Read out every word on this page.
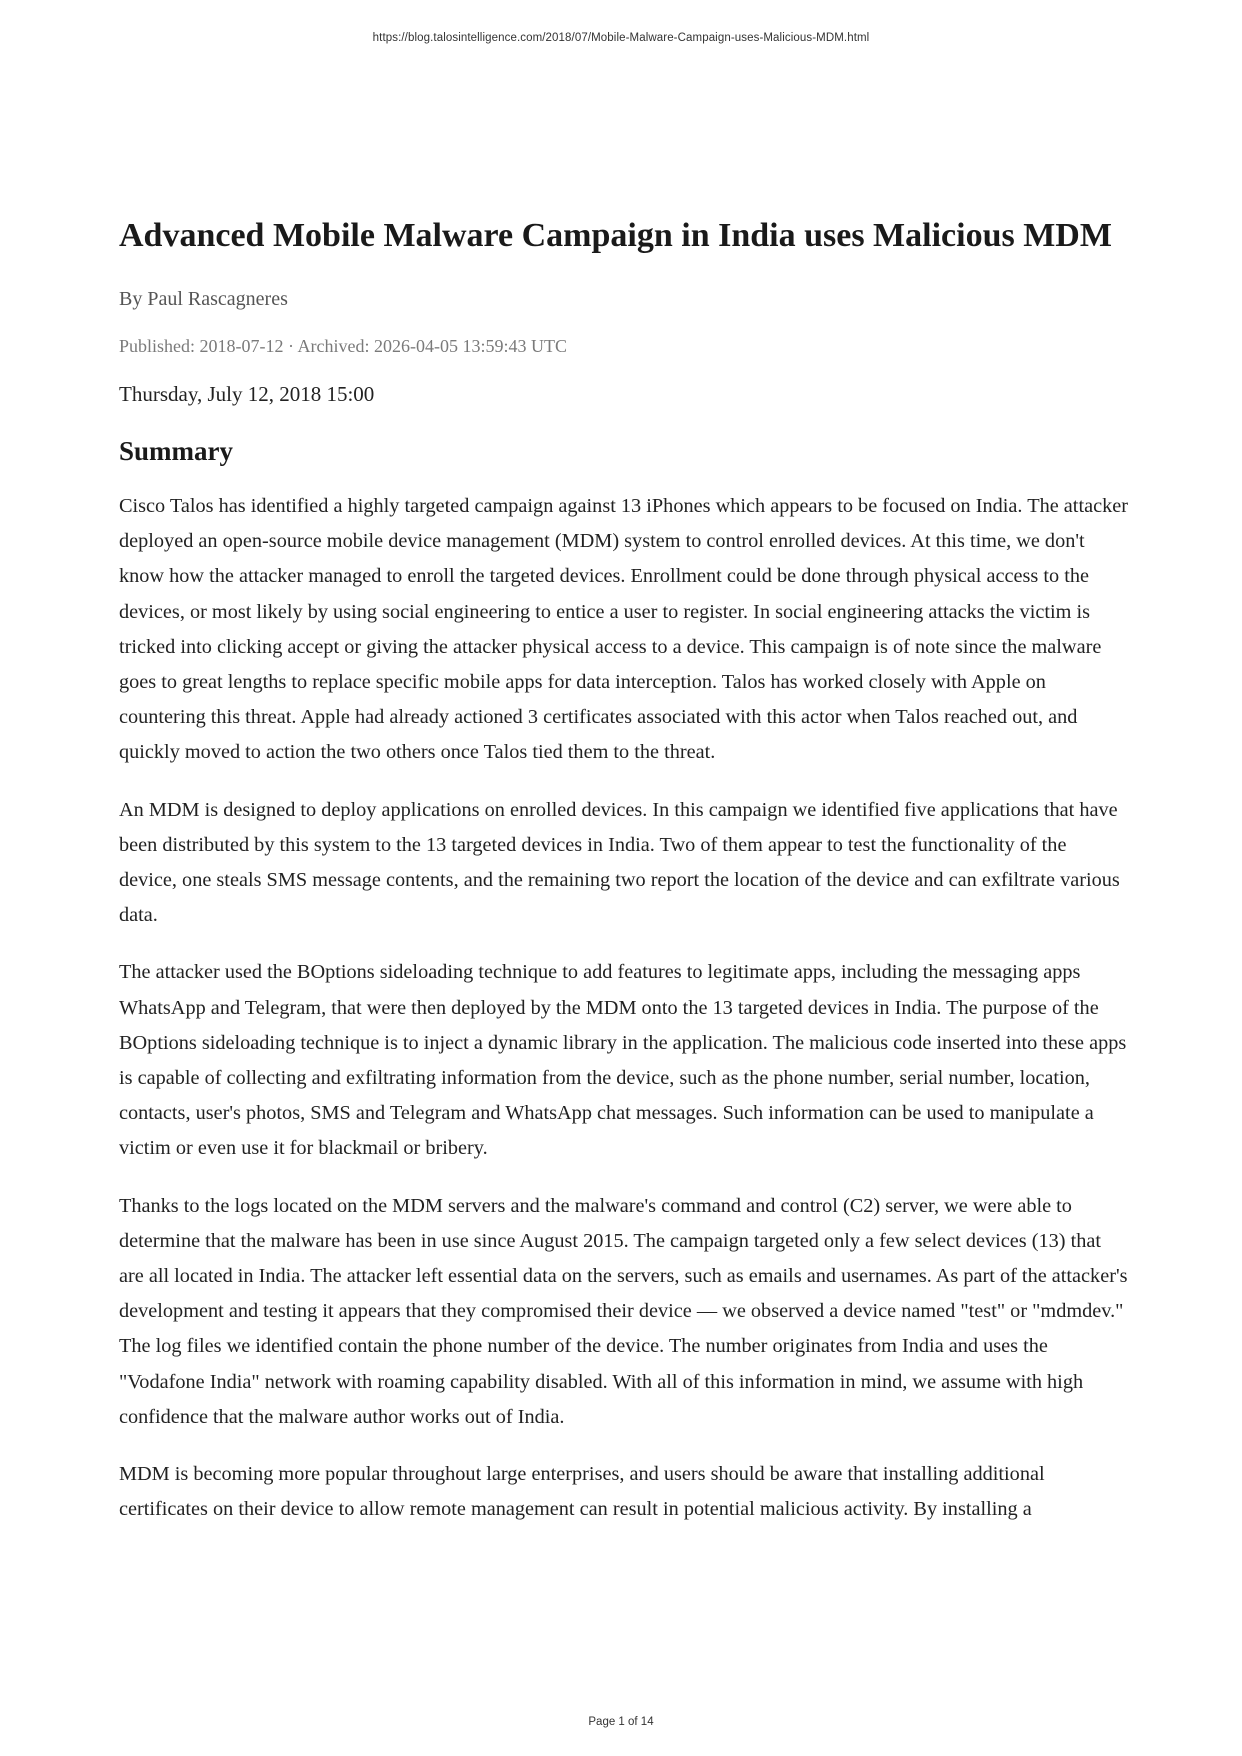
https://blog.talosintelligence.com/2018/07/Mobile-Malware-Campaign-uses-Malicious-MDM.html
Advanced Mobile Malware Campaign in India uses Malicious MDM

By Paul Rascagneres

Published: 2018-07-12 · Archived: 2026-04-05 13:59:43 UTC

Thursday, July 12, 2018 15:00

Summary

Cisco Talos has identified a highly targeted campaign against 13 iPhones which appears to be focused on India. The attacker deployed an open-source mobile device management (MDM) system to control enrolled devices. At this time, we don't know how the attacker managed to enroll the targeted devices. Enrollment could be done through physical access to the devices, or most likely by using social engineering to entice a user to register. In social engineering attacks the victim is tricked into clicking accept or giving the attacker physical access to a device. This campaign is of note since the malware goes to great lengths to replace specific mobile apps for data interception. Talos has worked closely with Apple on countering this threat. Apple had already actioned 3 certificates associated with this actor when Talos reached out, and quickly moved to action the two others once Talos tied them to the threat.

An MDM is designed to deploy applications on enrolled devices. In this campaign we identified five applications that have been distributed by this system to the 13 targeted devices in India. Two of them appear to test the functionality of the device, one steals SMS message contents, and the remaining two report the location of the device and can exfiltrate various data.

The attacker used the BOptions sideloading technique to add features to legitimate apps, including the messaging apps WhatsApp and Telegram, that were then deployed by the MDM onto the 13 targeted devices in India. The purpose of the BOptions sideloading technique is to inject a dynamic library in the application. The malicious code inserted into these apps is capable of collecting and exfiltrating information from the device, such as the phone number, serial number, location, contacts, user's photos, SMS and Telegram and WhatsApp chat messages. Such information can be used to manipulate a victim or even use it for blackmail or bribery.

Thanks to the logs located on the MDM servers and the malware's command and control (C2) server, we were able to determine that the malware has been in use since August 2015. The campaign targeted only a few select devices (13) that are all located in India. The attacker left essential data on the servers, such as emails and usernames. As part of the attacker's development and testing it appears that they compromised their device — we observed a device named "test" or "mdmdev." The log files we identified contain the phone number of the device. The number originates from India and uses the "Vodafone India" network with roaming capability disabled. With all of this information in mind, we assume with high confidence that the malware author works out of India.

MDM is becoming more popular throughout large enterprises, and users should be aware that installing additional certificates on their device to allow remote management can result in potential malicious activity. By installing a

Page 1 of 14
